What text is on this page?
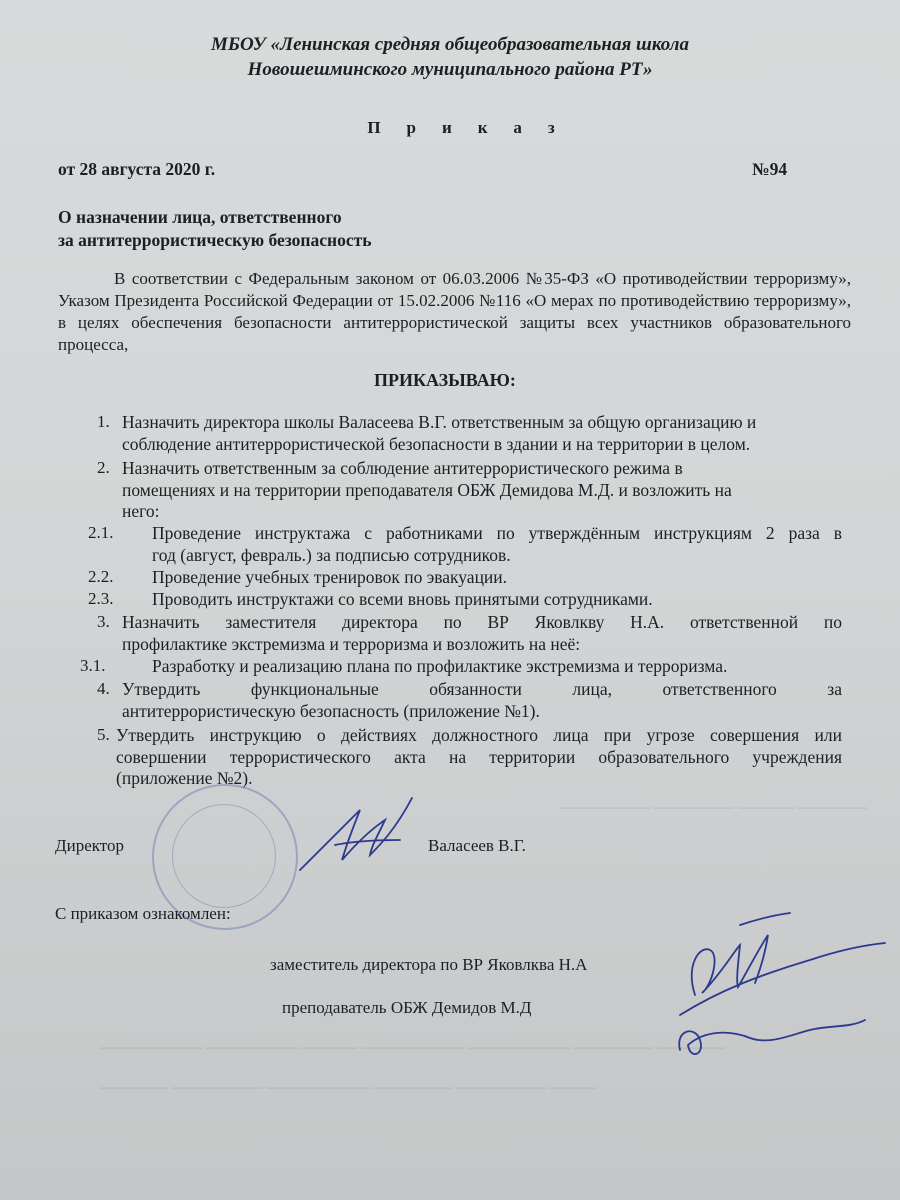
──────── ─────── ───── ──────
───────── ──────── ───── ───────── ───────── ─────── ──────
────── ──────── ───────── ─────── ──────── ────
МБОУ «Ленинская средняя общеобразовательная школа
Новошешминского муниципального района РТ»
Приказ
от 28 августа 2020 г.	№94
О назначении лица, ответственного
за антитеррористическую безопасность
В соответствии с Федеральным законом от 06.03.2006 №35-ФЗ «О противодействии терроризму», Указом Президента Российской Федерации от 15.02.2006 №116 «О мерах по противодействию терроризму», в целях обеспечения безопасности антитеррористической защиты всех участников образовательного процесса,
ПРИКАЗЫВАЮ:
1. Назначить директора школы Валасеева В.Г. ответственным за общую организацию и
соблюдение антитеррористической безопасности в здании и на территории в целом.
2. Назначить ответственным за соблюдение антитеррористического режима в
помещениях и на территории преподавателя ОБЖ Демидова М.Д. и возложить на
него:
2.1. Проведение инструктажа с работниками по утверждённым инструкциям 2 раза в
год (август, февраль.) за подписью сотрудников.
2.2. Проведение учебных тренировок по эвакуации.
2.3. Проводить инструктажи со всеми вновь принятыми сотрудниками.
3. Назначить заместителя директора по ВР Яковлкву Н.А. ответственной по
профилактике экстремизма и терроризма и возложить на неё:
3.1.	Разработку и реализацию плана по профилактике экстремизма и терроризма.
4. Утвердить функциональные обязанности лица, ответственного за
антитеррористическую безопасность (приложение №1).
5. Утвердить инструкцию о действиях должностного лица при угрозе совершения или
совершении террористического акта на территории образовательного учреждения
(приложение №2).
Директор	Валасеев В.Г.
С приказом ознакомлен:
заместитель директора по ВР Яковлква Н.А
преподаватель ОБЖ Демидов М.Д
